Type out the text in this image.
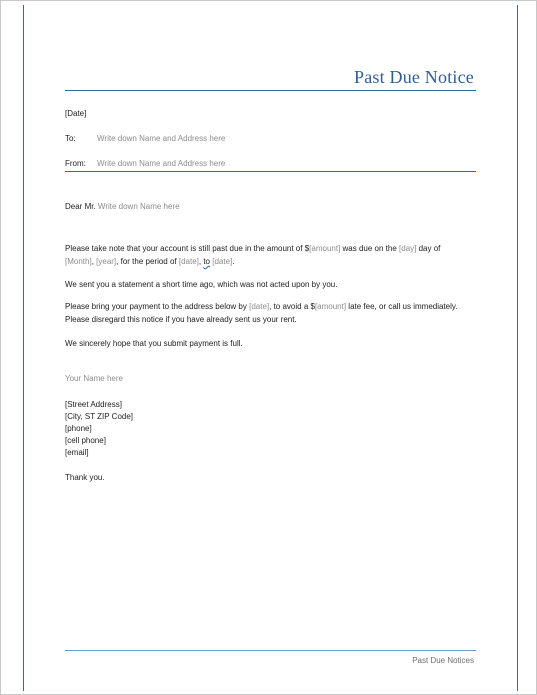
Past Due Notice
[Date]
To:	Write down Name and Address here
From: Write down Name and Address here
Dear Mr. Write down Name here
Please take note that your account is still past due in the amount of $[amount] was due on the [day] day of
[Month], [year], for the period of [date], to [date].
We sent you a statement a short time ago, which was not acted upon by you.
Please bring your payment to the address below by [date], to avoid a $[amount] late fee, or call us immediately. Please disregard this notice if you have already sent us your rent.
We sincerely hope that you submit payment is full.
Your Name here
[Street Address]
[City, ST ZIP Code]
[phone]
[cell phone]
[email]
Thank you.
Past Due Notices
